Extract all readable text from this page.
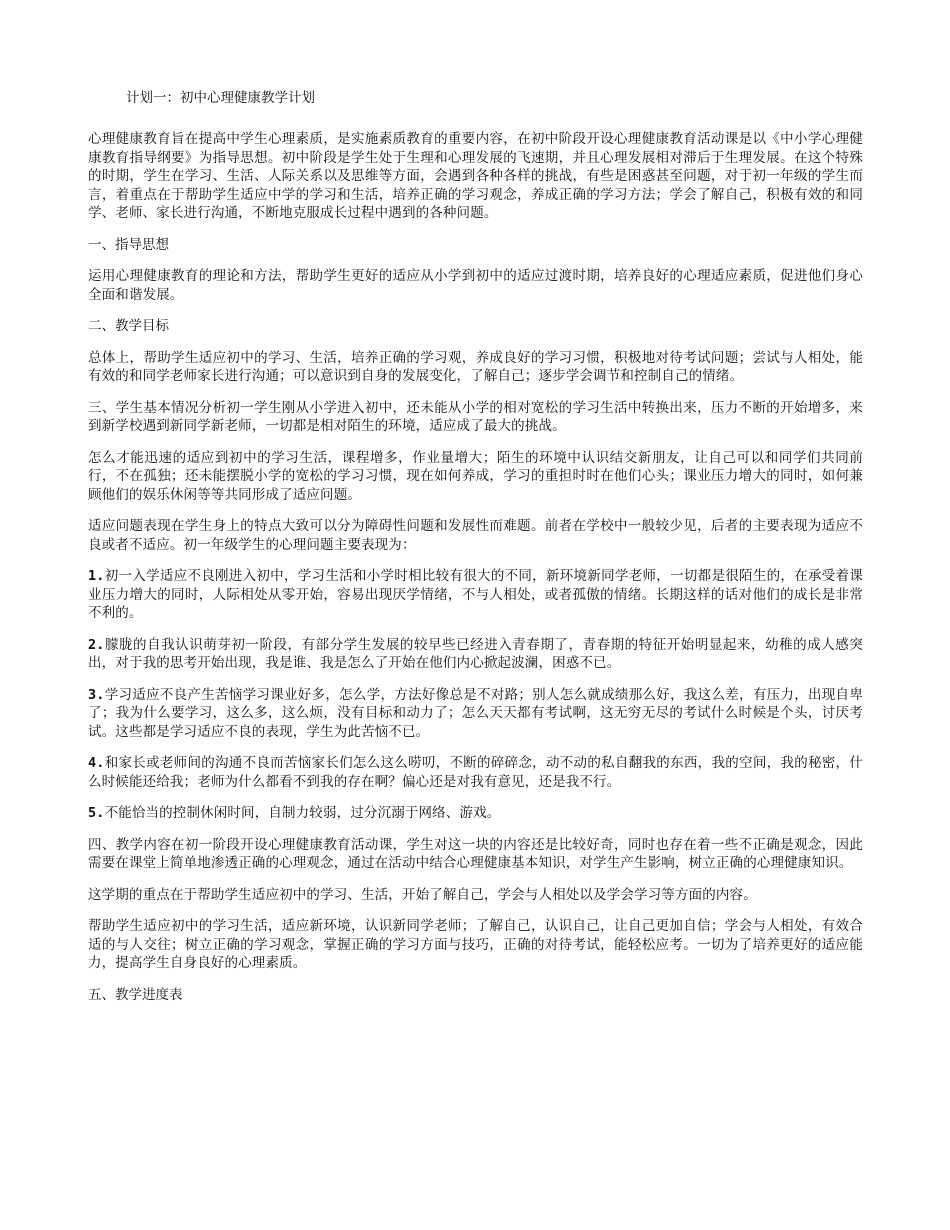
计划一：初中心理健康教学计划

心理健康教育旨在提高中学生心理素质，是实施素质教育的重要内容，在初中阶段开设心理健康教育活动课是以《中小学心理健康教育指导纲要》为指导思想。初中阶段是学生处于生理和心理发展的飞速期，并且心理发展相对滞后于生理发展。在这个特殊的时期，学生在学习、生活、人际关系以及思维等方面，会遇到各种各样的挑战，有些是困惑甚至问题，对于初一年级的学生而言，着重点在于帮助学生适应中学的学习和生活，培养正确的学习观念，养成正确的学习方法；学会了解自己，积极有效的和同学、老师、家长进行沟通，不断地克服成长过程中遇到的各种问题。

一、指导思想

运用心理健康教育的理论和方法，帮助学生更好的适应从小学到初中的适应过渡时期，培养良好的心理适应素质，促进他们身心全面和谐发展。

二、教学目标

总体上，帮助学生适应初中的学习、生活，培养正确的学习观，养成良好的学习习惯，积极地对待考试问题；尝试与人相处，能有效的和同学老师家长进行沟通；可以意识到自身的发展变化，了解自己；逐步学会调节和控制自己的情绪。

三、学生基本情况分析初一学生刚从小学进入初中，还未能从小学的相对宽松的学习生活中转换出来，压力不断的开始增多，来到新学校遇到新同学新老师，一切都是相对陌生的环境，适应成了最大的挑战。

怎么才能迅速的适应到初中的学习生活，课程增多，作业量增大；陌生的环境中认识结交新朋友，让自己可以和同学们共同前行，不在孤独；还未能摆脱小学的宽松的学习习惯，现在如何养成，学习的重担时时在他们心头；课业压力增大的同时，如何兼顾他们的娱乐休闲等等共同形成了适应问题。

适应问题表现在学生身上的特点大致可以分为障碍性问题和发展性而难题。前者在学校中一般较少见，后者的主要表现为适应不良或者不适应。初一年级学生的心理问题主要表现为：

1.初一入学适应不良刚进入初中，学习生活和小学时相比较有很大的不同，新环境新同学老师，一切都是很陌生的，在承受着课业压力增大的同时，人际相处从零开始，容易出现厌学情绪，不与人相处，或者孤傲的情绪。长期这样的话对他们的成长是非常不利的。

2.朦胧的自我认识萌芽初一阶段，有部分学生发展的较早些已经进入青春期了，青春期的特征开始明显起来，幼稚的成人感突出，对于我的思考开始出现，我是谁、我是怎么了开始在他们内心掀起波澜，困惑不已。

3.学习适应不良产生苦恼学习课业好多，怎么学，方法好像总是不对路；别人怎么就成绩那么好，我这么差，有压力，出现自卑了；我为什么要学习，这么多，这么烦，没有目标和动力了；怎么天天都有考试啊，这无穷无尽的考试什么时候是个头，讨厌考试。这些都是学习适应不良的表现，学生为此苦恼不已。

4.和家长或老师间的沟通不良而苦恼家长们怎么这么唠叨，不断的碎碎念，动不动的私自翻我的东西，我的空间，我的秘密，什么时候能还给我；老师为什么都看不到我的存在啊？偏心还是对我有意见，还是我不行。

5.不能恰当的控制休闲时间，自制力较弱，过分沉溺于网络、游戏。

四、教学内容在初一阶段开设心理健康教育活动课，学生对这一块的内容还是比较好奇，同时也存在着一些不正确是观念，因此需要在课堂上简单地渗透正确的心理观念，通过在活动中结合心理健康基本知识，对学生产生影响，树立正确的心理健康知识。

这学期的重点在于帮助学生适应初中的学习、生活，开始了解自己，学会与人相处以及学会学习等方面的内容。

帮助学生适应初中的学习生活，适应新环境，认识新同学老师；了解自己，认识自己，让自己更加自信；学会与人相处，有效合适的与人交往；树立正确的学习观念，掌握正确的学习方面与技巧，正确的对待考试，能轻松应考。一切为了培养更好的适应能力，提高学生自身良好的心理素质。

五、教学进度表
